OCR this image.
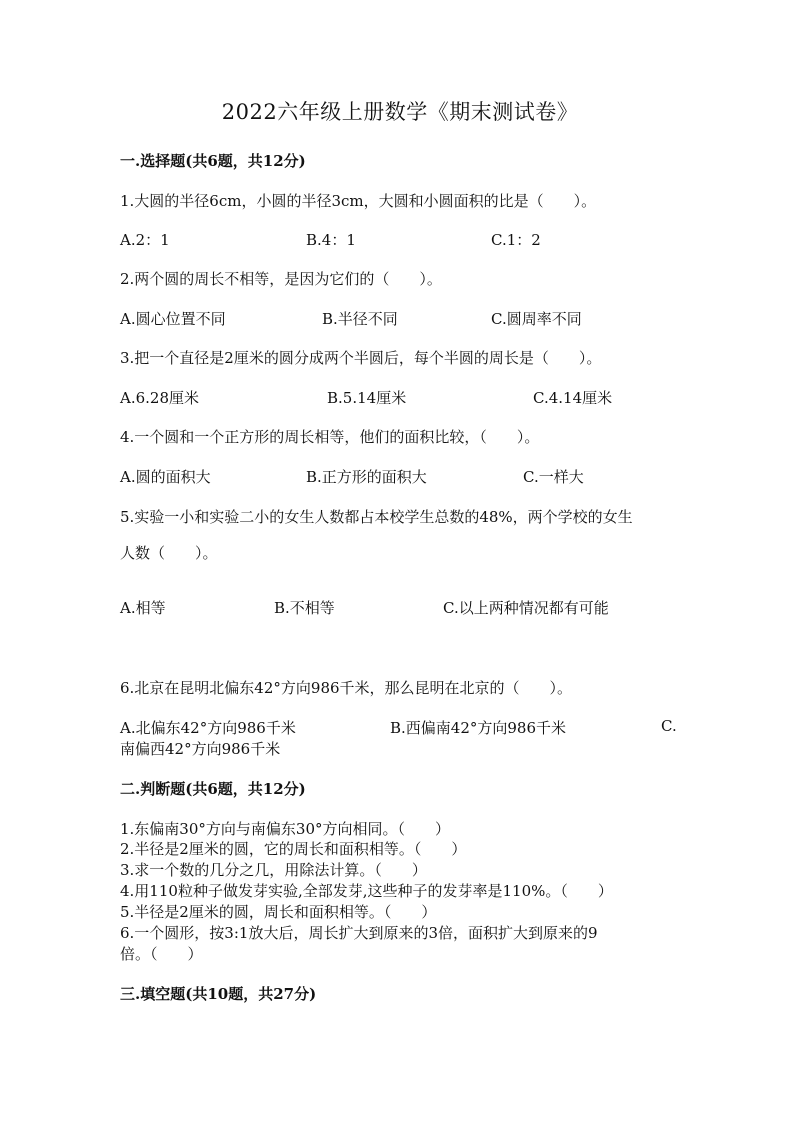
2022六年级上册数学《期末测试卷》
一.选择题(共6题，共12分)
1.大圆的半径6cm，小圆的半径3cm，大圆和小圆面积的比是（　　）。
A.2：1	B.4：1	C.1：2
2.两个圆的周长不相等，是因为它们的（　　）。
A.圆心位置不同	B.半径不同	C.圆周率不同
3.把一个直径是2厘米的圆分成两个半圆后，每个半圆的周长是（　　）。
A.6.28厘米	B.5.14厘米	C.4.14厘米
4.一个圆和一个正方形的周长相等，他们的面积比较，（　　）。
A.圆的面积大	B.正方形的面积大	C.一样大
5.实验一小和实验二小的女生人数都占本校学生总数的48%，两个学校的女生
人数（　　）。
A.相等	B.不相等	C.以上两种情况都有可能
6.北京在昆明北偏东42°方向986千米，那么昆明在北京的（　　）。
A.北偏东42°方向986千米	B.西偏南42°方向986千米	C.
南偏西42°方向986千米
二.判断题(共6题，共12分)
1.东偏南30°方向与南偏东30°方向相同。（　　）
2.半径是2厘米的圆，它的周长和面积相等。（　　）
3.求一个数的几分之几，用除法计算。（　　）
4.用110粒种子做发芽实验,全部发芽,这些种子的发芽率是110%。（　　）
5.半径是2厘米的圆，周长和面积相等。（　　）
6.一个圆形，按3:1放大后，周长扩大到原来的3倍，面积扩大到原来的9
倍。（　　）
三.填空题(共10题，共27分)
